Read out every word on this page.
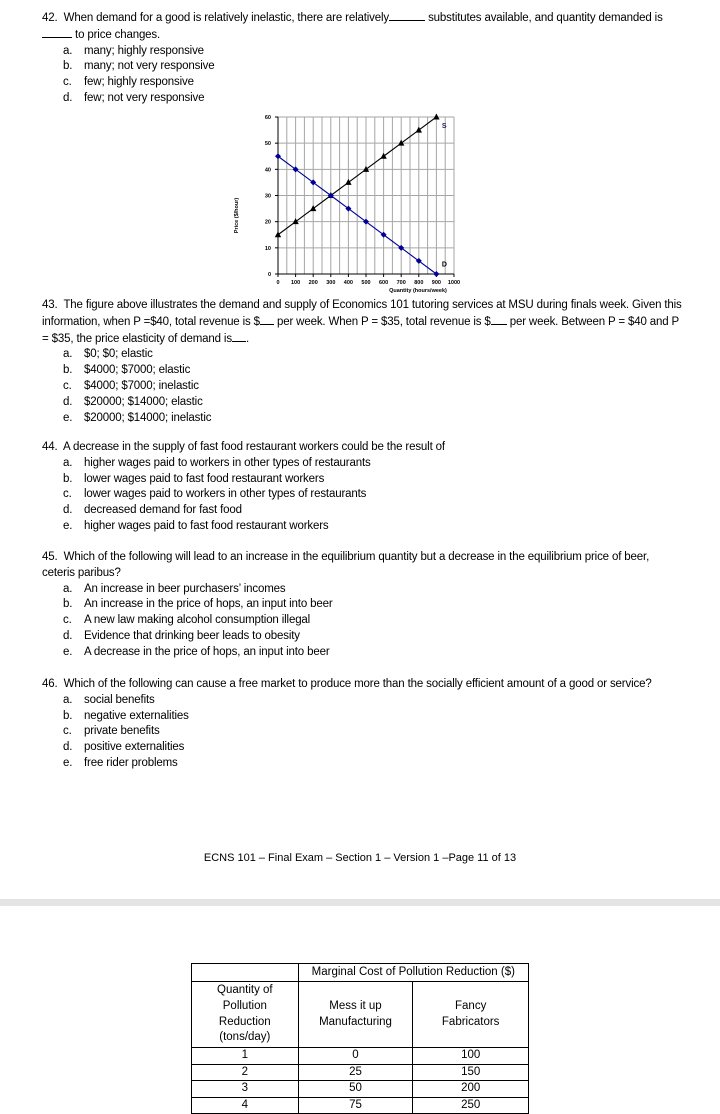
42. When demand for a good is relatively inelastic, there are relatively	substitutes available, and quantity demanded is to price changes.
a. many; highly responsive
b. many; not very responsive
c. few; highly responsive
d. few; not very responsive
0
10
20
30
40
50
60
0 100 200 300 400 500 600 700 800 900 1000
Quantity (hours/week)
Price ($/hour)
S
D
43. The figure above illustrates the demand and supply of Economics 101 tutoring services at MSU during finals week. Given this information, when P =$40, total revenue is $ per week. When P = $35, total revenue is $ per week. Between P = $40 and P = $35, the price elasticity of demand is .
a. $0; $0; elastic
b. $4000; $7000; elastic
c. $4000; $7000; inelastic
d. $20000; $14000; elastic
e. $20000; $14000; inelastic
44. A decrease in the supply of fast food restaurant workers could be the result of
a. higher wages paid to workers in other types of restaurants
b. lower wages paid to fast food restaurant workers
c. lower wages paid to workers in other types of restaurants
d. decreased demand for fast food
e. higher wages paid to fast food restaurant workers
45. Which of the following will lead to an increase in the equilibrium quantity but a decrease in the equilibrium price of beer, ceteris paribus?
a. An increase in beer purchasers’ incomes
b. An increase in the price of hops, an input into beer
c. A new law making alcohol consumption illegal
d. Evidence that drinking beer leads to obesity
e. A decrease in the price of hops, an input into beer
46. Which of the following can cause a free market to produce more than the socially efficient amount of a good or service?
a. social benefits
b. negative externalities
c. private benefits
d. positive externalities
e. free rider problems
ECNS 101 – Final Exam – Section 1 – Version 1 –Page 11 of 13
	Marginal Cost of Pollution Reduction ($)	

Quantity of
Pollution
Reduction
(tons/day)

Mess it up
Manufacturing

Fancy
Fabricators

1	0	100
2	25	150
3	50	200
4	75	250
